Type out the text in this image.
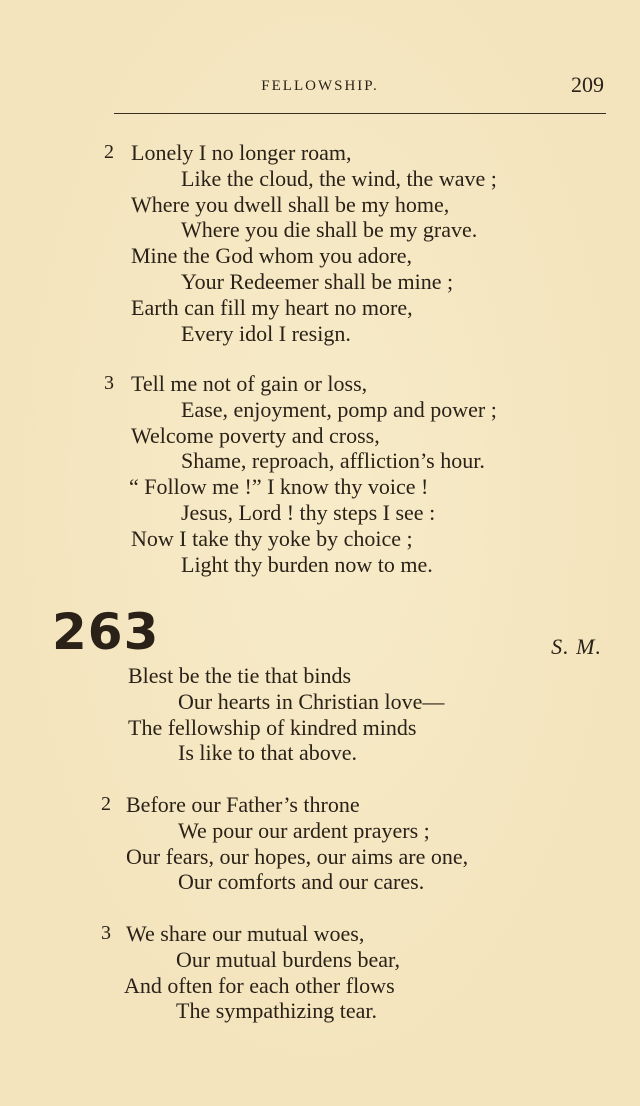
FELLOWSHIP.	209
2 Lonely I no longer roam,
Like the cloud, the wind, the wave ;
Where you dwell shall be my home,
Where you die shall be my grave.
Mine the God whom you adore,
Your Redeemer shall be mine ;
Earth can fill my heart no more,
Every idol I resign.
3 Tell me not of gain or loss,
Ease, enjoyment, pomp and power ;
Welcome poverty and cross,
Shame, reproach, affliction’s hour.
“ Follow me !” I know thy voice !
Jesus, Lord ! thy steps I see :
Now I take thy yoke by choice ;
Light thy burden now to me.
263	S. M.
Blest be the tie that binds
Our hearts in Christian love—
The fellowship of kindred minds
Is like to that above.
2 Before our Father’s throne
We pour our ardent prayers ;
Our fears, our hopes, our aims are one,
Our comforts and our cares.
3 We share our mutual woes,
Our mutual burdens bear,
And often for each other flows
The sympathizing tear.
